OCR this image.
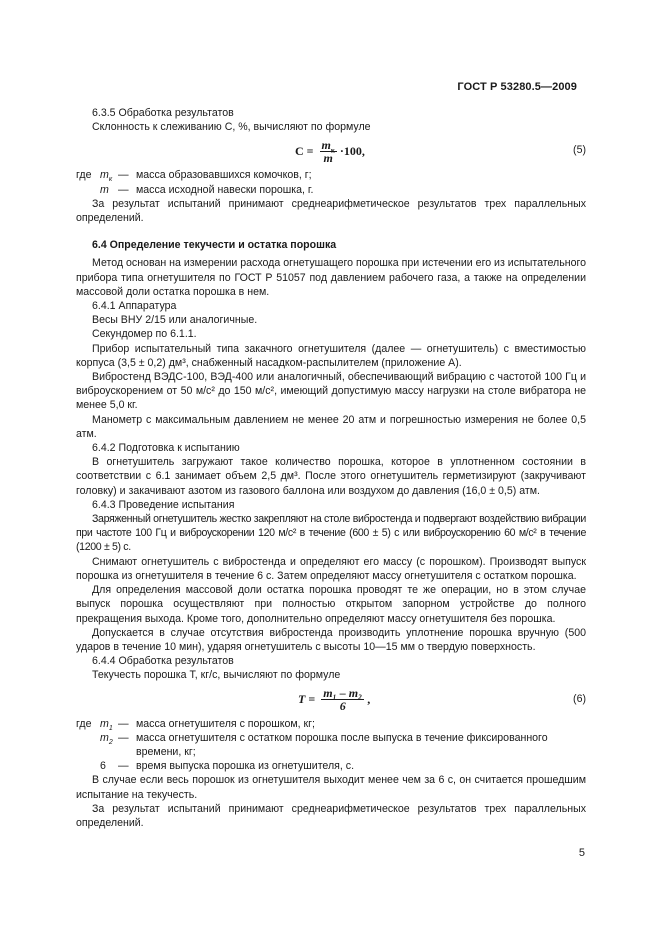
ГОСТ Р 53280.5—2009

6.3.5 Обработка результатов

Склонность к слеживанию C, %, вычисляют по формуле

$C = \frac{m_к}{m} \cdot 100$,	(5)
где $m_к$ — масса образовавшихся комочков, г;
m — масса исходной навески порошка, г.

За результат испытаний принимают среднеарифметическое результатов трех параллельных определений.

6.4 Определение текучести и остатка порошка

Метод основан на измерении расхода огнетушащего порошка при истечении его из испытательного прибора типа огнетушителя по ГОСТ Р 51057 под давлением рабочего газа, а также на определении массовой доли остатка порошка в нем.

6.4.1 Аппаратура

Весы ВНУ 2/15 или аналогичные.

Секундомер по 6.1.1.

Прибор испытательный типа закачного огнетушителя (далее — огнетушитель) с вместимостью корпуса (3,5 ± 0,2) дм³, снабженный насадком-распылителем (приложение А).

Вибростенд ВЭДС-100, ВЭД-400 или аналогичный, обеспечивающий вибрацию с частотой 100 Гц и виброускорением от 50 м/с² до 150 м/с², имеющий допустимую массу нагрузки на столе вибратора не менее 5,0 кг.

Манометр с максимальным давлением не менее 20 атм и погрешностью измерения не более 0,5 атм.

6.4.2 Подготовка к испытанию

В огнетушитель загружают такое количество порошка, которое в уплотненном состоянии в соответствии с 6.1 занимает объем 2,5 дм³. После этого огнетушитель герметизируют (закручивают головку) и закачивают азотом из газового баллона или воздухом до давления (16,0 ± 0,5) атм.

6.4.3 Проведение испытания

Заряженный огнетушитель жестко закрепляют на столе вибростенда и подвергают воздействию вибрации при частоте 100 Гц и виброускорении 120 м/с² в течение (600 ± 5) с или виброускорению 60 м/с² в течение (1200 ± 5) с.

Снимают огнетушитель с вибростенда и определяют его массу (с порошком). Производят выпуск порошка из огнетушителя в течение 6 с. Затем определяют массу огнетушителя с остатком порошка.

Для определения массовой доли остатка порошка проводят те же операции, но в этом случае выпуск порошка осуществляют при полностью открытом запорном устройстве до полного прекращения выхода. Кроме того, дополнительно определяют массу огнетушителя без порошка.

Допускается в случае отсутствия вибростенда производить уплотнение порошка вручную (500 ударов в течение 10 мин), ударяя огнетушитель с высоты 10—15 мм о твердую поверхность.

6.4.4 Обработка результатов

Текучесть порошка T, кг/с, вычисляют по формуле

$T = \frac{\text{m₁ – m₂}}{6}$ ,	(6)
где $m_1$ — масса огнетушителя с порошком, кг;
$m_2$ — масса огнетушителя с остатком порошка после выпуска в течение фиксированного времени, кг;
6	— время выпуска порошка из огнетушителя, с.

В случае если весь порошок из огнетушителя выходит менее чем за 6 с, он считается прошедшим испытание на текучесть.

За результат испытаний принимают среднеарифметическое результатов трех параллельных определений.

5
